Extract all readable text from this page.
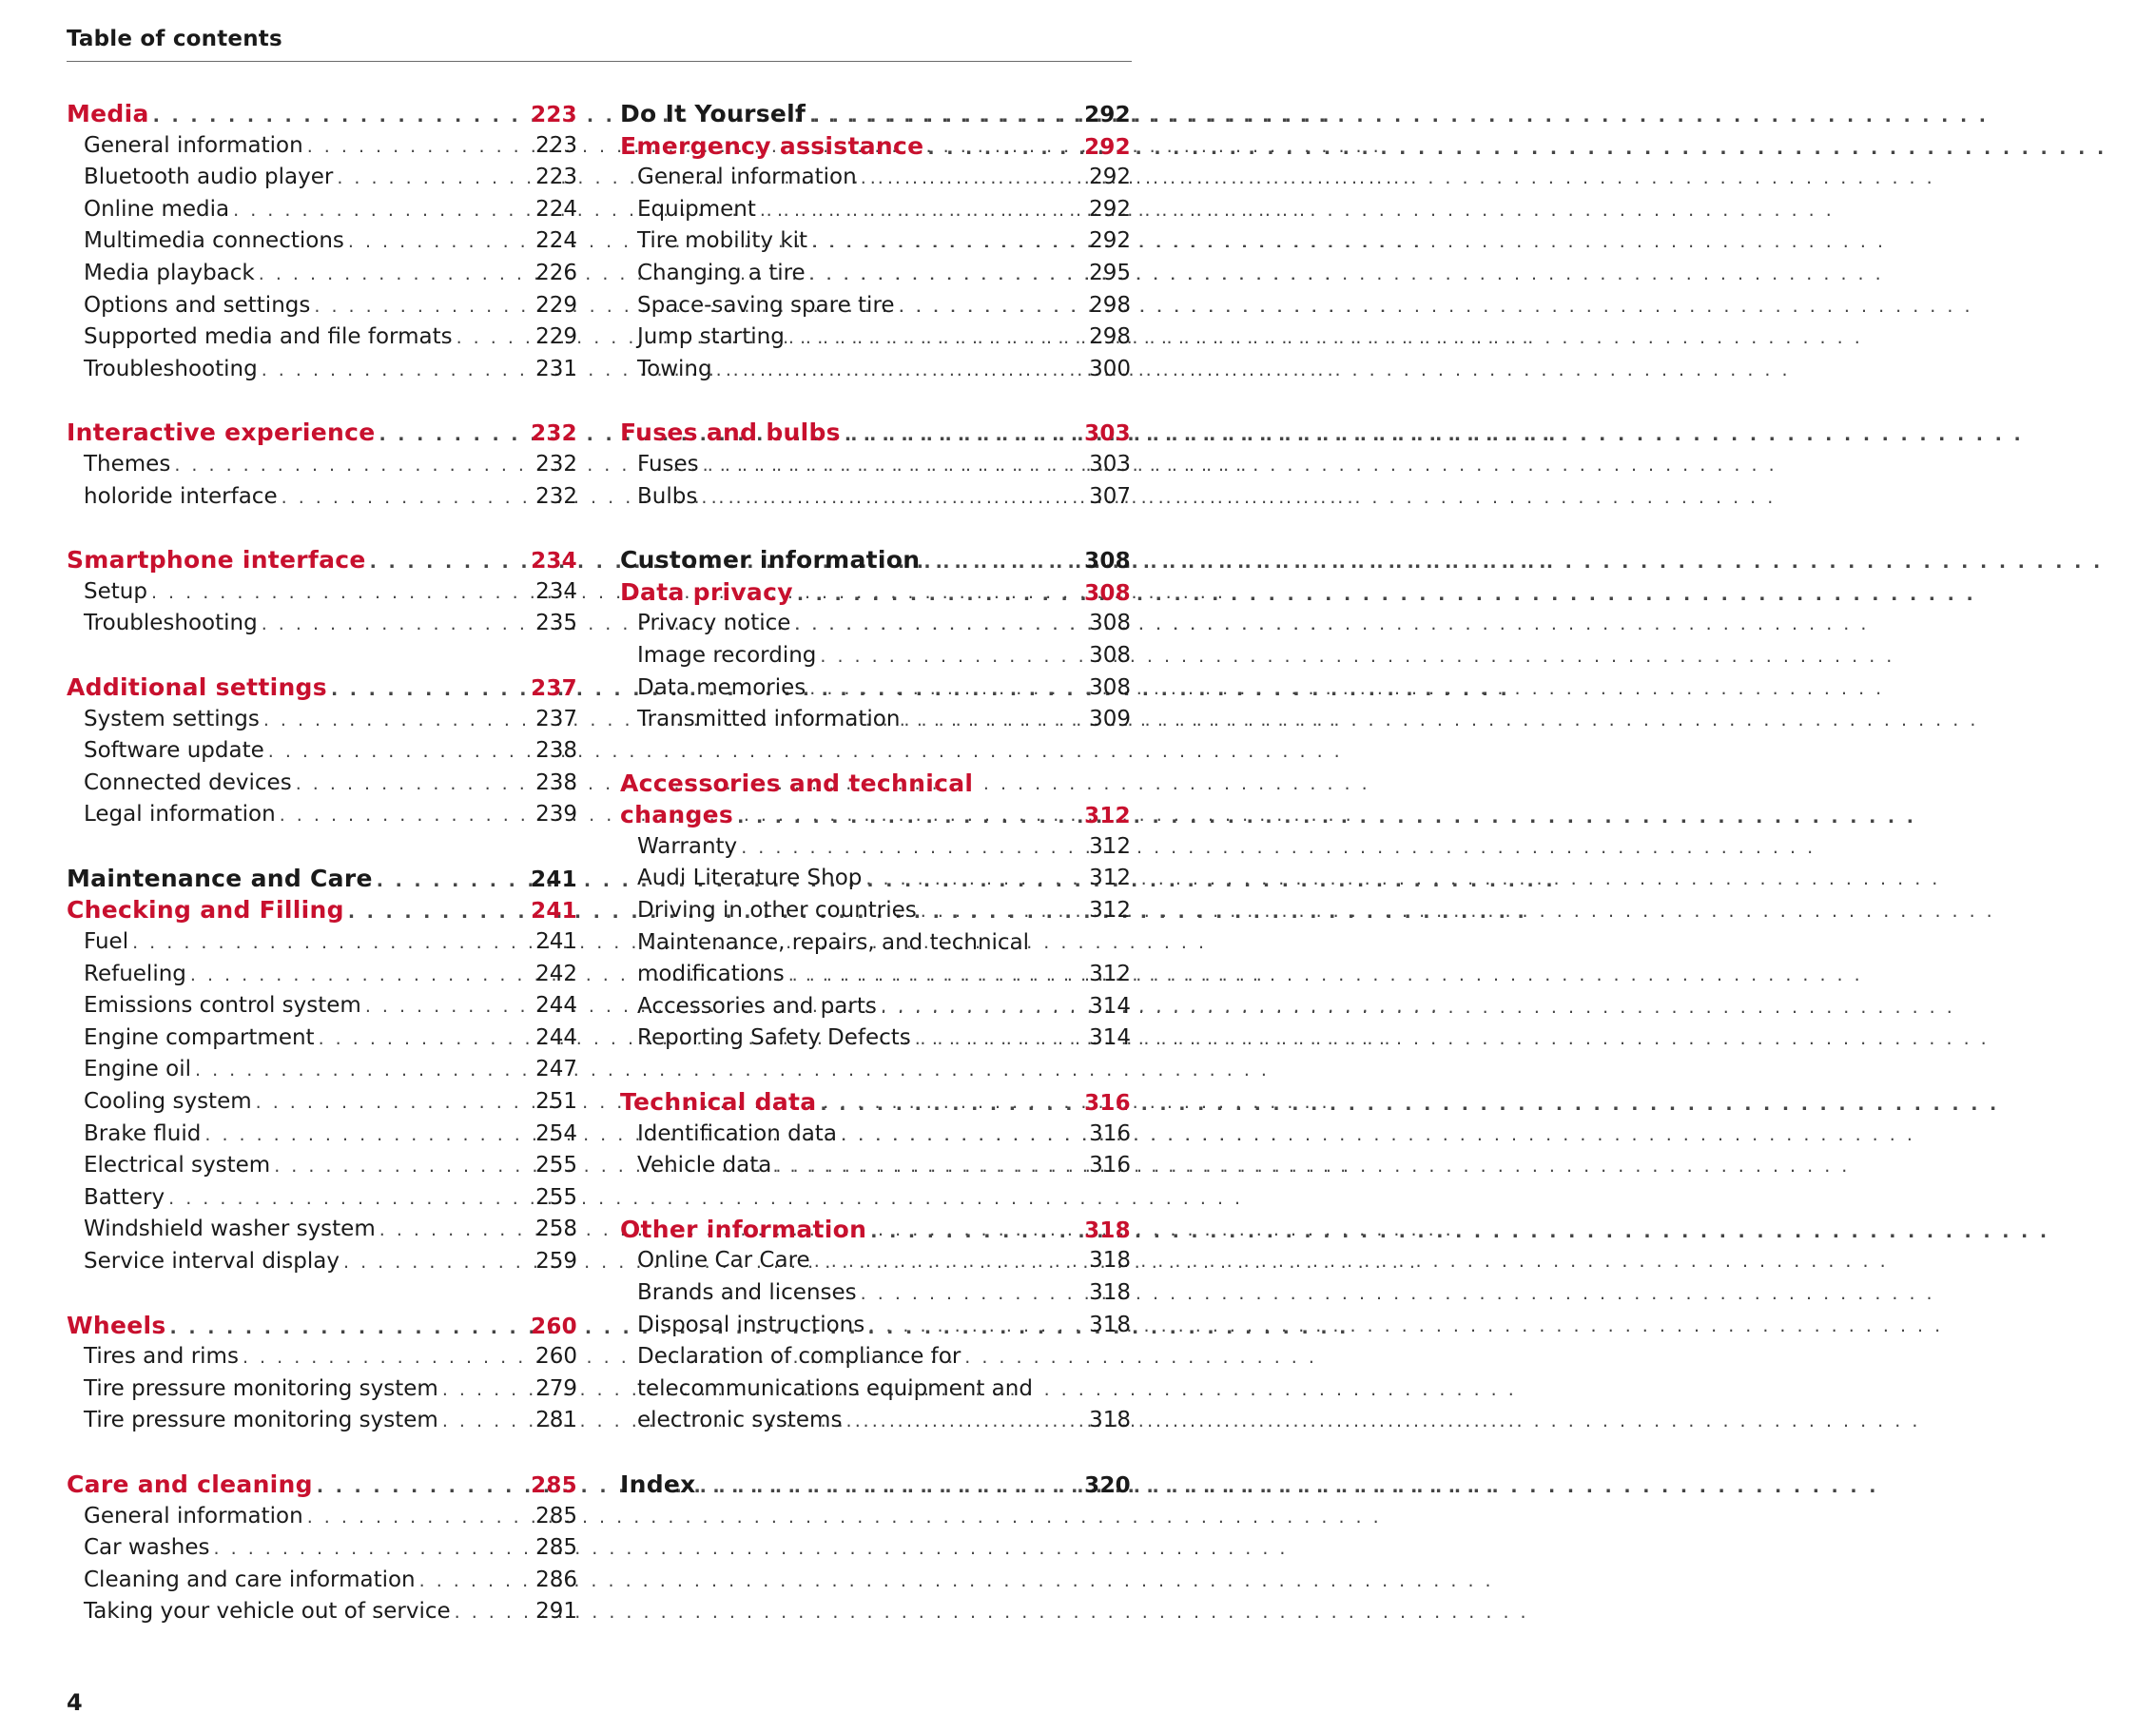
Table of contents
Media . . .	223
General information . . .	223
Bluetooth audio player . . .	223
Online media . . .	224
Multimedia connections . . .	224
Media playback . . .	226
Options and settings . . .	229
Supported media and file formats . . .	229
Troubleshooting . . .	231
Interactive experience . . .	232
Themes . . .	232
holoride interface . . .	232
Smartphone interface . . .	234
Setup . . .	234
Troubleshooting . . .	235
Additional settings . . .	237
System settings . . .	237
Software update . . .	238
Connected devices . . .	238
Legal information . . .	239
Maintenance and Care . . .	241
Checking and Filling . . .	241
Fuel . . .	241
Refueling . . .	242
Emissions control system . . .	244
Engine compartment . . .	244
Engine oil . . .	247
Cooling system . . .	251
Brake fluid . . .	254
Electrical system . . .	255
Battery . . .	255
Windshield washer system . . .	258
Service interval display . . .	259
Wheels . . .	260
Tires and rims . . .	260
Tire pressure monitoring system . . .	279
Tire pressure monitoring system . . .	281
Care and cleaning . . .	285
General information . . .	285
Car washes . . .	285
Cleaning and care information . . .	286
Taking your vehicle out of service . . .	291
Do It Yourself . . .	292
Emergency assistance . . .	292
General information . . .	292
Equipment . . .	292
Tire mobility kit . . .	292
Changing a tire . . .	295
Space-saving spare tire . . .	298
Jump starting . . .	298
Towing . . .	300
Fuses and bulbs . . .	303
Fuses . . .	303
Bulbs . . .	307
Customer information . . .	308
Data privacy . . .	308
Privacy notice . . .	308
Image recording . . .	308
Data memories . . .	308
Transmitted information . . .	309
Accessories and technical
changes . . .	312
Warranty . . .	312
Audi Literature Shop . . .	312
Driving in other countries . . .	312
Maintenance, repairs, and technical
modifications . . .	312
Accessories and parts . . .	314
Reporting Safety Defects . . .	314
Technical data . . .	316
Identification data . . .	316
Vehicle data . . .	316
Other information . . .	318
Online Car Care . . .	318
Brands and licenses . . .	318
Disposal instructions . . .	318
Declaration of compliance for
telecommunications equipment and
electronic systems . . .	318
Index . . .	320
4
